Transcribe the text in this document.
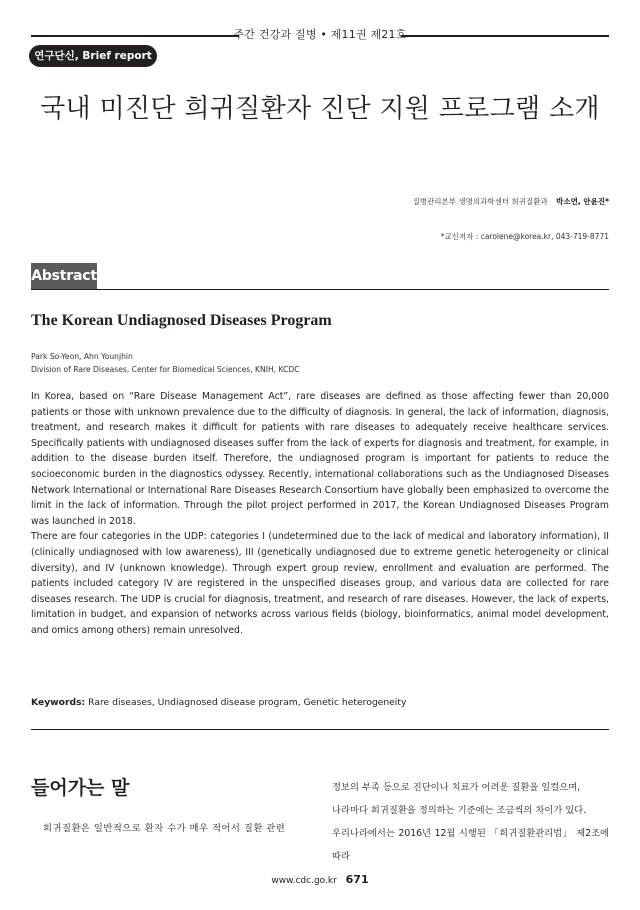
주간 건강과 질병 • 제11권 제21호
연구단신, Brief report
국내 미진단 희귀질환자 진단 지원 프로그램 소개
질병관리본부 생명의과학센터 희귀질환과 박소연, 안윤진*
*교신저자 : carolene@korea.kr, 043-719-8771
Abstract
The Korean Undiagnosed Diseases Program
Park So-Yeon, Ahn Younjhin
Division of Rare Diseases, Center for Biomedical Sciences, KNIH, KCDC

In Korea, based on “Rare Disease Management Act”, rare diseases are defined as those affecting fewer than 20,000 patients or those with unknown prevalence due to the difficulty of diagnosis. In general, the lack of information, diagnosis, treatment, and research makes it difficult for patients with rare diseases to adequately receive healthcare services. Specifically patients with undiagnosed diseases suffer from the lack of experts for diagnosis and treatment, for example, in addition to the disease burden itself. Therefore, the undiagnosed program is important for patients to reduce the socioeconomic burden in the diagnostics odyssey. Recently, international collaborations such as the Undiagnosed Diseases Network International or International Rare Diseases Research Consortium have globally been emphasized to overcome the limit in the lack of information. Through the pilot project performed in 2017, the Korean Undiagnosed Diseases Program was launched in 2018.

There are four categories in the UDP: categories I (undetermined due to the lack of medical and laboratory information), II (clinically undiagnosed with low awareness), III (genetically undiagnosed due to extreme genetic heterogeneity or clinical diversity), and IV (unknown knowledge). Through expert group review, enrollment and evaluation are performed. The patients included category IV are registered in the unspecified diseases group, and various data are collected for rare diseases research. The UDP is crucial for diagnosis, treatment, and research of rare diseases. However, the lack of experts, limitation in budget, and expansion of networks across various fields (biology, bioinformatics, animal model development, and omics among others) remain unresolved.

Keywords: Rare diseases, Undiagnosed disease program, Genetic heterogeneity
들어가는 말
희귀질환은 일반적으로 환자 수가 매우 적어서 질환 관련

정보의 부족 등으로 진단이나 치료가 어려운 질환을 일컬으며,

나라마다 희귀질환을 정의하는 기준에는 조금씩의 차이가 있다.

우리나라에서는 2016년 12월 시행된 「희귀질환관리법」 제2조에 따라

www.cdc.go.kr 671
